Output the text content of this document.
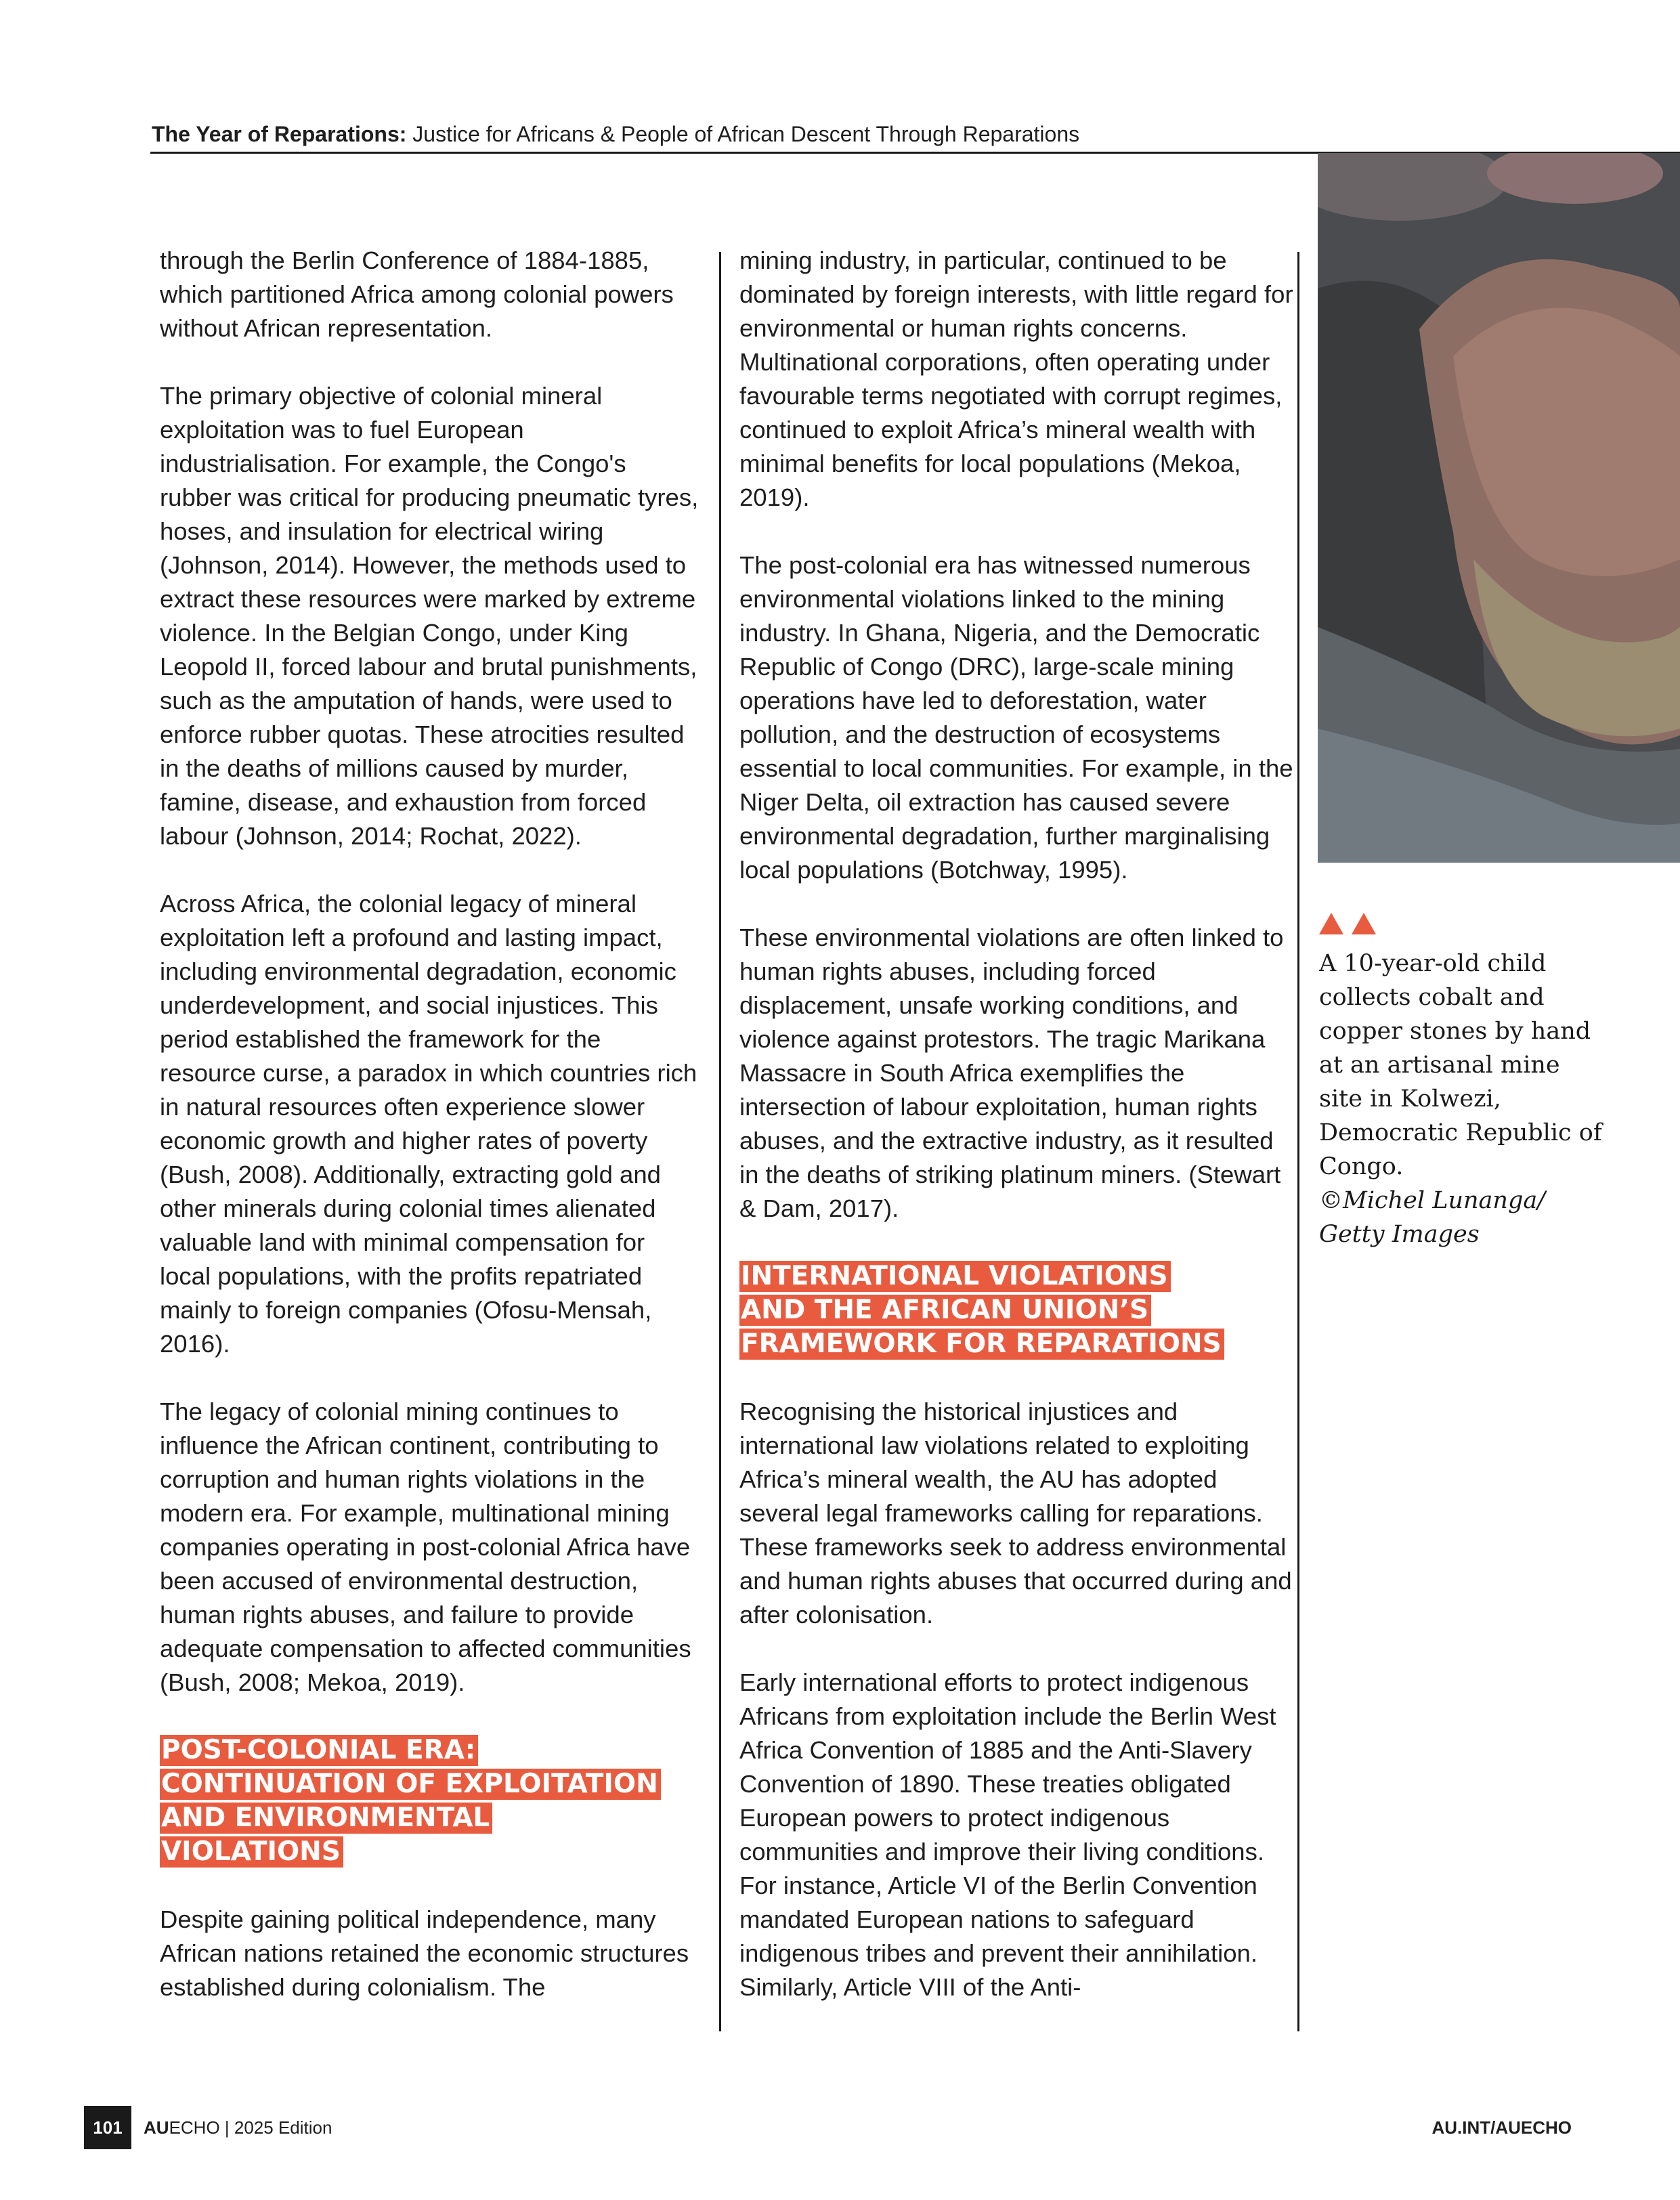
The Year of Reparations: Justice for Africans & People of African Descent Through Reparations

through the Berlin Conference of 1884-1885, which partitioned Africa among colonial powers without African representation.

The primary objective of colonial mineral exploitation was to fuel European industrialisation. For example, the Congo's rubber was critical for producing pneumatic tyres, hoses, and insulation for electrical wiring (Johnson, 2014). However, the methods used to extract these resources were marked by extreme violence. In the Belgian Congo, under King Leopold II, forced labour and brutal punishments, such as the amputation of hands, were used to enforce rubber quotas. These atrocities resulted in the deaths of millions caused by murder, famine, disease, and exhaustion from forced labour (Johnson, 2014; Rochat, 2022).

Across Africa, the colonial legacy of mineral exploitation left a profound and lasting impact, including environmental degradation, economic underdevelopment, and social injustices. This period established the framework for the resource curse, a paradox in which countries rich in natural resources often experience slower economic growth and higher rates of poverty (Bush, 2008). Additionally, extracting gold and other minerals during colonial times alienated valuable land with minimal compensation for local populations, with the profits repatriated mainly to foreign companies (Ofosu-Mensah, 2016).

The legacy of colonial mining continues to influence the African continent, contributing to corruption and human rights violations in the modern era. For example, multinational mining companies operating in post-colonial Africa have been accused of environmental destruction, human rights abuses, and failure to provide adequate compensation to affected communities (Bush, 2008; Mekoa, 2019).

POST-COLONIAL ERA:
CONTINUATION OF EXPLOITATION
AND ENVIRONMENTAL
VIOLATIONS

Despite gaining political independence, many African nations retained the economic structures established during colonialism. The

mining industry, in particular, continued to be dominated by foreign interests, with little regard for environmental or human rights concerns. Multinational corporations, often operating under favourable terms negotiated with corrupt regimes, continued to exploit Africa’s mineral wealth with minimal benefits for local populations (Mekoa, 2019).

The post-colonial era has witnessed numerous environmental violations linked to the mining industry. In Ghana, Nigeria, and the Democratic Republic of Congo (DRC), large-scale mining operations have led to deforestation, water pollution, and the destruction of ecosystems essential to local communities. For example, in the Niger Delta, oil extraction has caused severe environmental degradation, further marginalising local populations (Botchway, 1995).

These environmental violations are often linked to human rights abuses, including forced displacement, unsafe working conditions, and violence against protestors. The tragic Marikana Massacre in South Africa exemplifies the intersection of labour exploitation, human rights abuses, and the extractive industry, as it resulted in the deaths of striking platinum miners. (Stewart & Dam, 2017).

INTERNATIONAL VIOLATIONS
AND THE AFRICAN UNION’S
FRAMEWORK FOR REPARATIONS

Recognising the historical injustices and international law violations related to exploiting Africa’s mineral wealth, the AU has adopted several legal frameworks calling for reparations. These frameworks seek to address environmental and human rights abuses that occurred during and after colonisation.

Early international efforts to protect indigenous Africans from exploitation include the Berlin West Africa Convention of 1885 and the Anti-Slavery Convention of 1890. These treaties obligated European powers to protect indigenous communities and improve their living conditions. For instance, Article VI of the Berlin Convention mandated European nations to safeguard indigenous tribes and prevent their annihilation. Similarly, Article VIII of the Anti-

A 10-year-old child collects cobalt and copper stones by hand at an artisanal mine site in Kolwezi, Democratic Republic of Congo.
©Michel Lunanga/ Getty Images
101	AUECHO | 2025 Edition	AU.INT/AUECHO
